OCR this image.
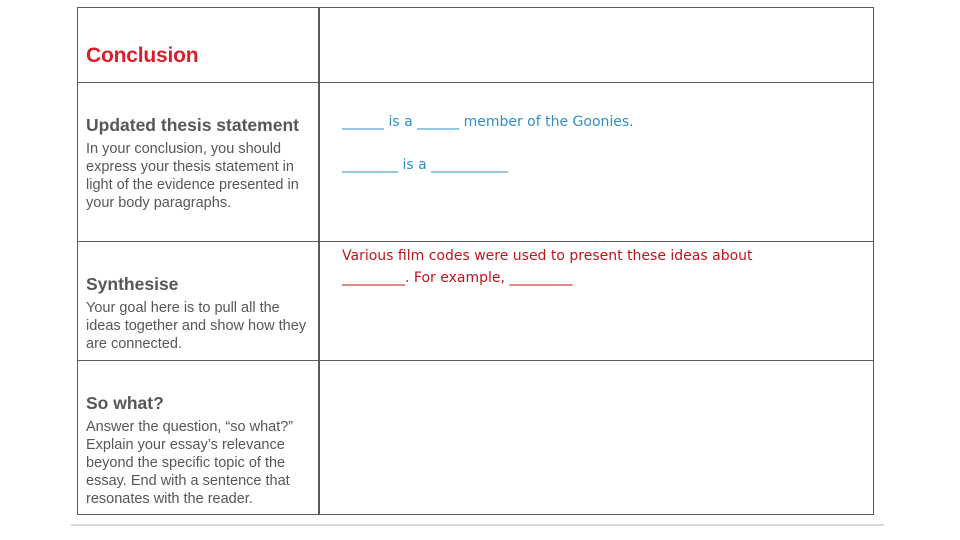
Conclusion
Updated thesis statement
In your conclusion, you should express your thesis statement in light of the evidence presented in your body paragraphs.
Synthesise
Your goal here is to pull all the ideas together and show how they are connected.
So what?
Answer the question, “so what?” Explain your essay’s relevance beyond the specific topic of the essay. End with a sentence that resonates with the reader.
______ is a ______ member of the Goonies.
________ is a ___________
Various film codes were used to present these ideas about _________. For example, _________
